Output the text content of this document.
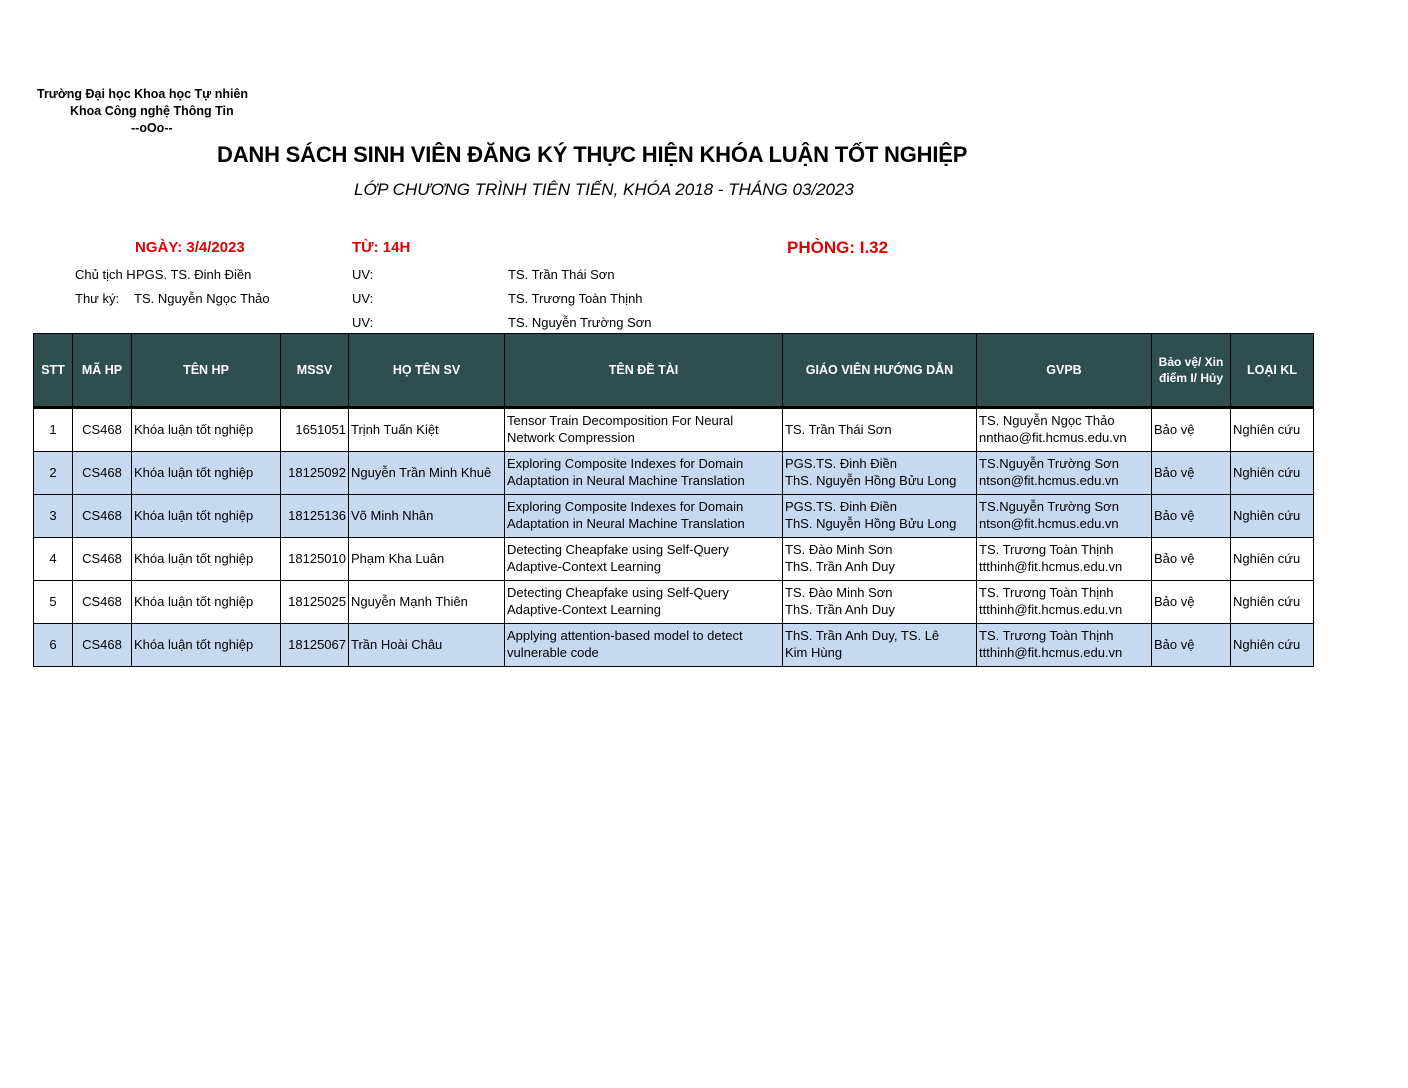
Trường Đại học Khoa học Tự nhiên
Khoa Công nghệ Thông Tin
--oOo--
DANH SÁCH SINH VIÊN ĐĂNG KÝ THỰC HIỆN KHÓA LUẬN TỐT NGHIỆP
LỚP CHƯƠNG TRÌNH TIÊN TIẾN, KHÓA 2018 - THÁNG 03/2023
NGÀY: 3/4/2023	TỪ: 14H	PHÒNG: I.32
Chủ tịch H PGS. TS. Đinh Điền
Thư ký: TS. Nguyễn Ngọc Thảo
UV:
UV:
UV:
TS. Trần Thái Sơn
TS. Trương Toàn Thịnh
TS. Nguyễn Trường Sơn
STT	MÃ HP	TÊN HP	MSSV	HỌ TÊN SV	TÊN ĐỀ TÀI	GIÁO VIÊN HƯỚNG DẪN	GVPB	Bảo vệ/ Xin điểm I/ Hủy	LOẠI KL
1	CS468	Khóa luận tốt nghiệp	1651051	Trịnh Tuấn Kiệt	Tensor Train Decomposition For Neural
Network Compression	TS. Trần Thái Sơn	TS. Nguyễn Ngọc Thảo
nnthao@fit.hcmus.edu.vn	Bảo vệ	Nghiên cứu
2	CS468	Khóa luận tốt nghiệp	18125092	Nguyễn Trần Minh Khuê	Exploring Composite Indexes for Domain
Adaptation in Neural Machine Translation	PGS.TS. Đinh Điền
ThS. Nguyễn Hồng Bửu Long	TS.Nguyễn Trường Sơn
ntson@fit.hcmus.edu.vn	Bảo vệ	Nghiên cứu
3	CS468	Khóa luận tốt nghiệp	18125136	Võ Minh Nhân	Exploring Composite Indexes for Domain
Adaptation in Neural Machine Translation	PGS.TS. Đinh Điền
ThS. Nguyễn Hồng Bửu Long	TS.Nguyễn Trường Sơn
ntson@fit.hcmus.edu.vn	Bảo vệ	Nghiên cứu
4	CS468	Khóa luận tốt nghiệp	18125010	Phạm Kha Luân	Detecting Cheapfake using Self-Query
Adaptive-Context Learning	TS. Đào Minh Sơn
ThS. Trần Anh Duy	TS. Trương Toàn Thịnh
ttthinh@fit.hcmus.edu.vn	Bảo vệ	Nghiên cứu
5	CS468	Khóa luận tốt nghiệp	18125025	Nguyễn Mạnh Thiên	Detecting Cheapfake using Self-Query
Adaptive-Context Learning	TS. Đào Minh Sơn
ThS. Trần Anh Duy	TS. Trương Toàn Thịnh
ttthinh@fit.hcmus.edu.vn	Bảo vệ	Nghiên cứu
6	CS468	Khóa luận tốt nghiệp	18125067	Trần Hoài Châu	Applying attention-based model to detect
vulnerable code	ThS. Trần Anh Duy, TS. Lê
Kim Hùng	TS. Trương Toàn Thịnh
ttthinh@fit.hcmus.edu.vn	Bảo vệ	Nghiên cứu
